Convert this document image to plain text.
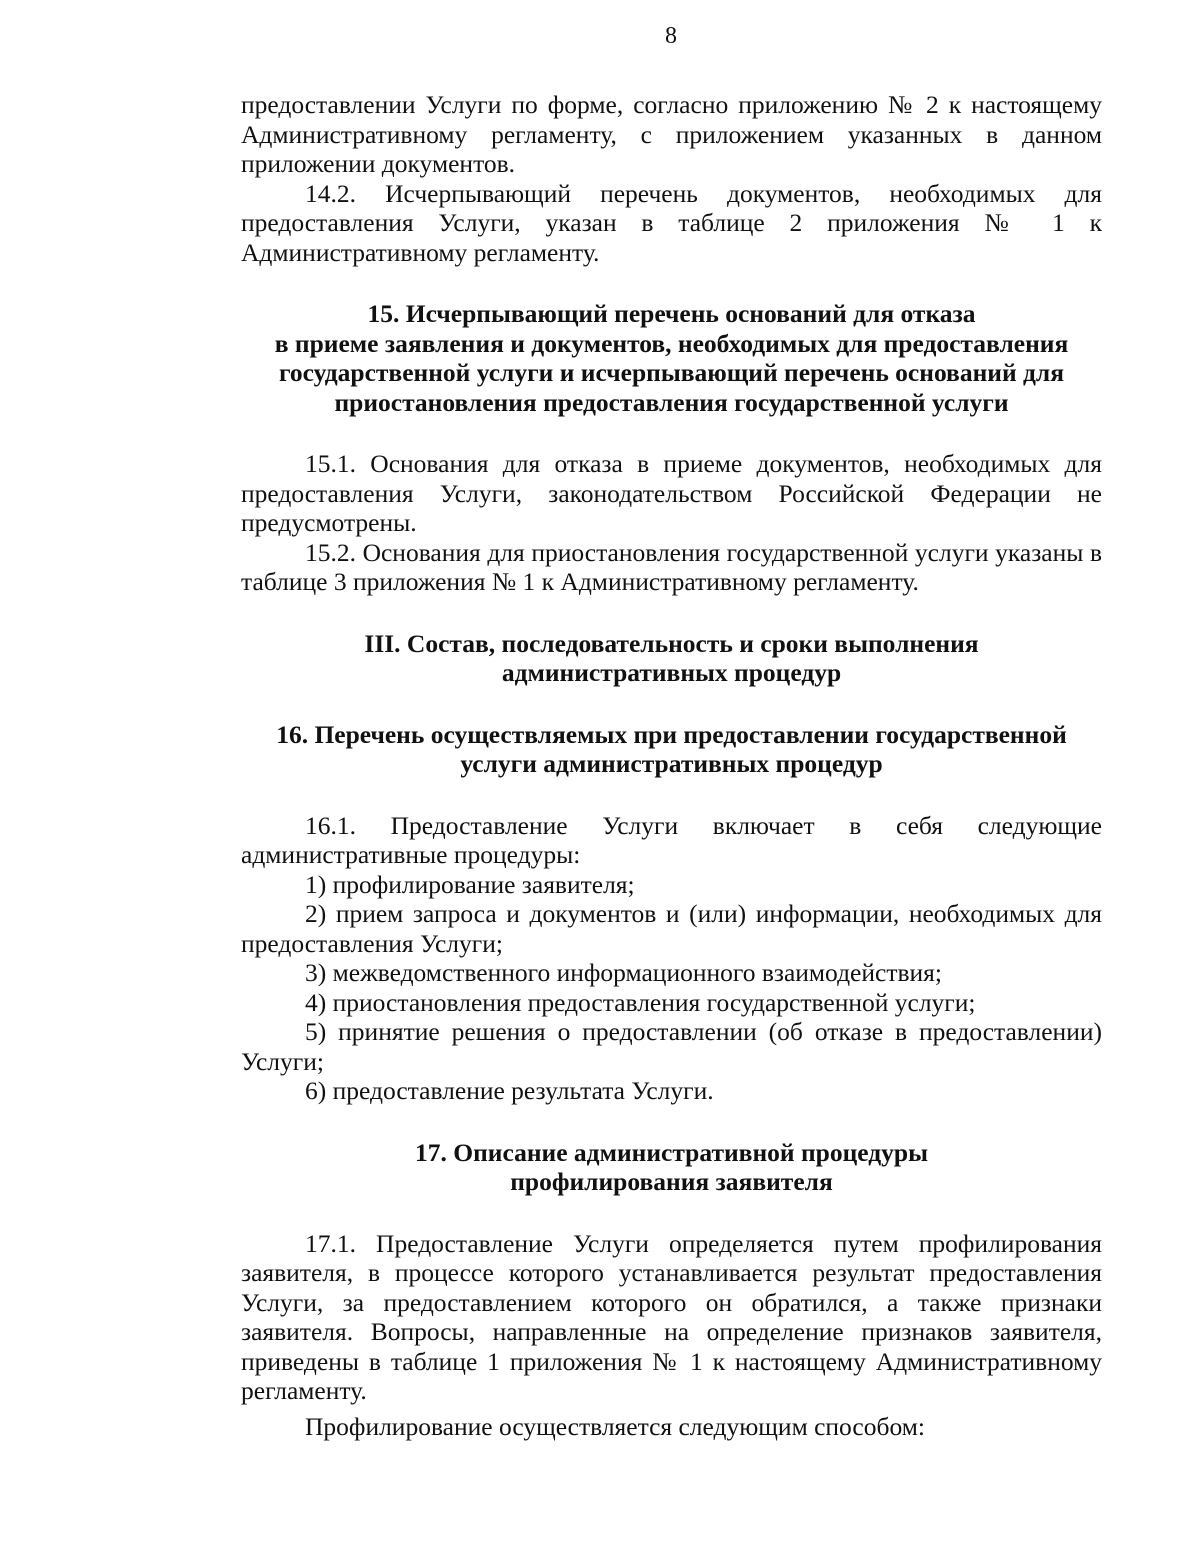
8

предоставлении Услуги по форме, согласно приложению № 2 к настоящему Административному регламенту, с приложением указанных в данном приложении документов.

14.2. Исчерпывающий перечень документов, необходимых для предоставления Услуги, указан в таблице 2 приложения № 1 к Административному регламенту.

15. Исчерпывающий перечень оснований для отказа
в приеме заявления и документов, необходимых для предоставления
государственной услуги и исчерпывающий перечень оснований для
приостановления предоставления государственной услуги

15.1. Основания для отказа в приеме документов, необходимых для предоставления Услуги, законодательством Российской Федерации не предусмотрены.

15.2. Основания для приостановления государственной услуги указаны в таблице 3 приложения № 1 к Административному регламенту.

III. Состав, последовательность и сроки выполнения
административных процедур
16. Перечень осуществляемых при предоставлении государственной
услуги административных процедур

16.1. Предоставление Услуги включает в себя следующие административные процедуры:

1) профилирование заявителя;

2) прием запроса и документов и (или) информации, необходимых для предоставления Услуги;

3) межведомственного информационного взаимодействия;

4) приостановления предоставления государственной услуги;

5) принятие решения о предоставлении (об отказе в предоставлении) Услуги;

6) предоставление результата Услуги.

17. Описание административной процедуры
профилирования заявителя

17.1. Предоставление Услуги определяется путем профилирования заявителя, в процессе которого устанавливается результат предоставления Услуги, за предоставлением которого он обратился, а также признаки заявителя. Вопросы, направленные на определение признаков заявителя, приведены в таблице 1 приложения № 1 к настоящему Административному регламенту.

Профилирование осуществляется следующим способом:
